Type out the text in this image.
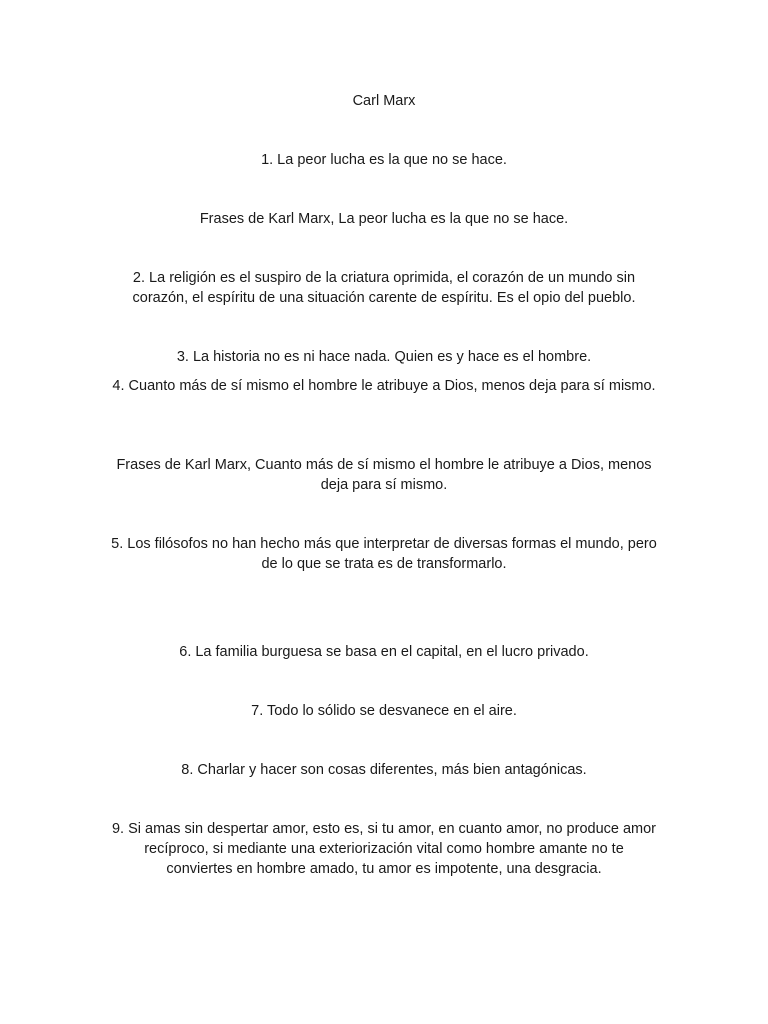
Carl Marx

1. La peor lucha es la que no se hace.

Frases de Karl Marx, La peor lucha es la que no se hace.

2. La religión es el suspiro de la criatura oprimida, el corazón de un mundo sin corazón, el espíritu de una situación carente de espíritu. Es el opio del pueblo.

3. La historia no es ni hace nada. Quien es y hace es el hombre.

4. Cuanto más de sí mismo el hombre le atribuye a Dios, menos deja para sí mismo.

Frases de Karl Marx, Cuanto más de sí mismo el hombre le atribuye a Dios, menos deja para sí mismo.

5. Los filósofos no han hecho más que interpretar de diversas formas el mundo, pero de lo que se trata es de transformarlo.

6. La familia burguesa se basa en el capital, en el lucro privado.

7. Todo lo sólido se desvanece en el aire.

8. Charlar y hacer son cosas diferentes, más bien antagónicas.

9. Si amas sin despertar amor, esto es, si tu amor, en cuanto amor, no produce amor recíproco, si mediante una exteriorización vital como hombre amante no te conviertes en hombre amado, tu amor es impotente, una desgracia.
